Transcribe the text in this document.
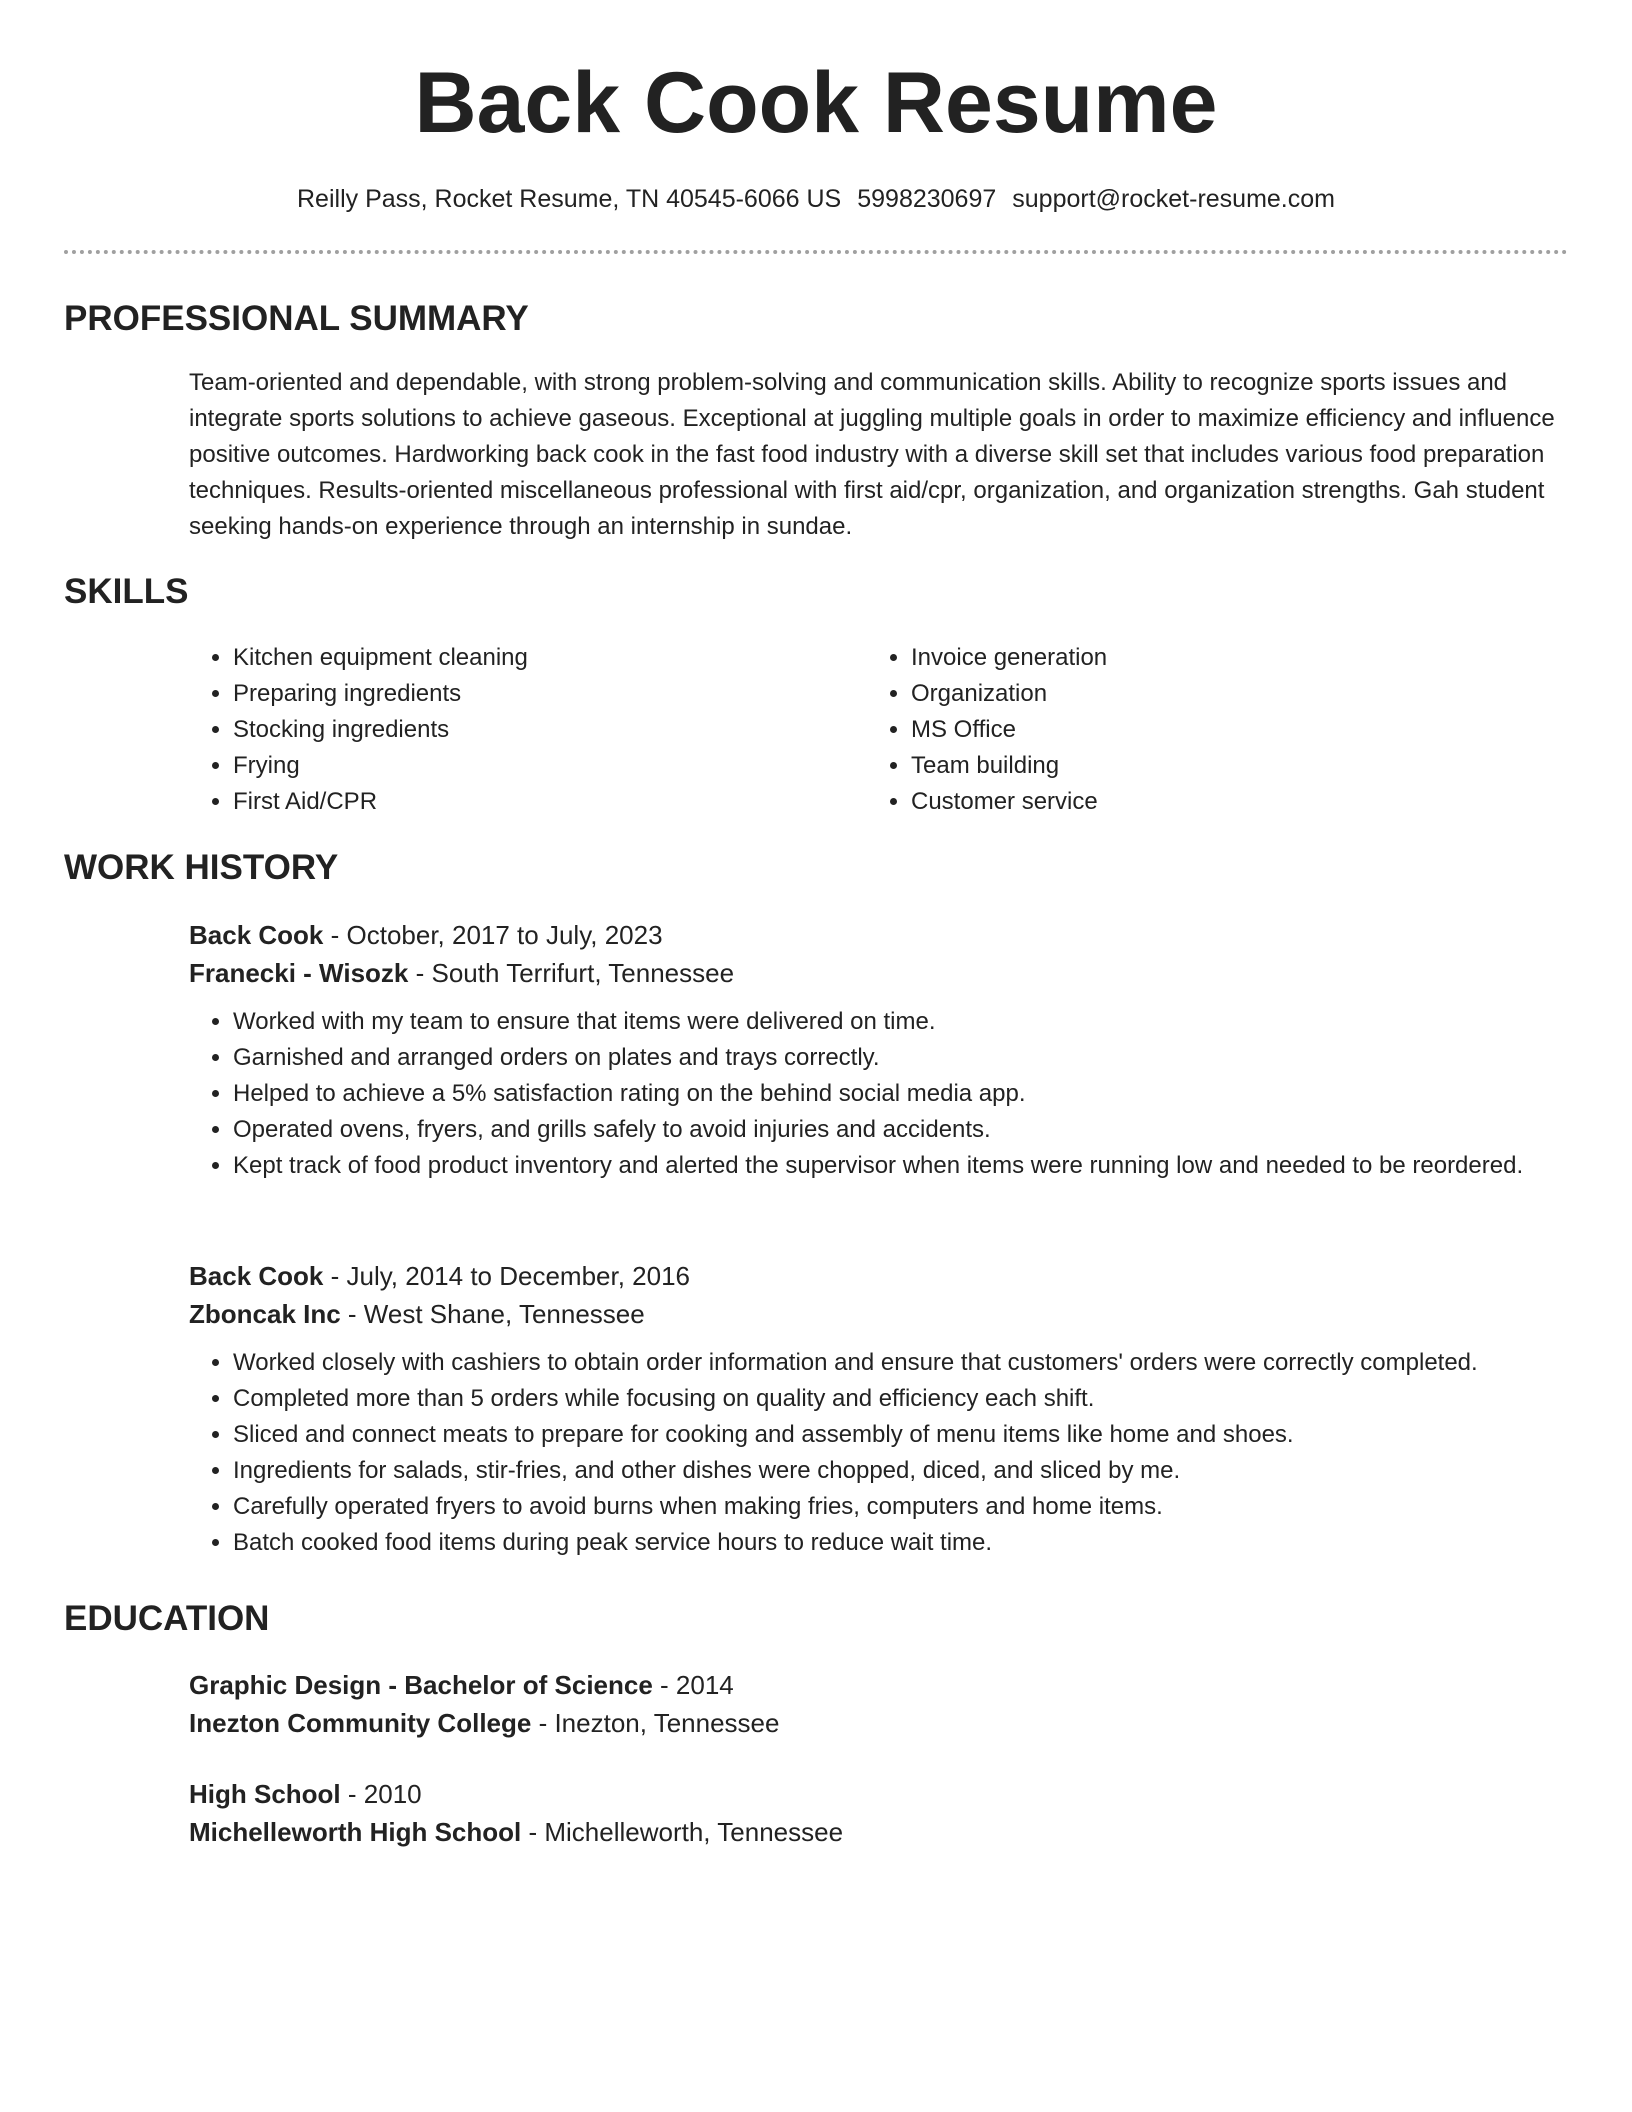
Back Cook Resume
Reilly Pass, Rocket Resume, TN 40545-6066 US 5998230697 support@rocket-resume.com
PROFESSIONAL SUMMARY
Team-oriented and dependable, with strong problem-solving and communication skills. Ability to recognize sports issues and integrate sports solutions to achieve gaseous. Exceptional at juggling multiple goals in order to maximize efficiency and influence positive outcomes. Hardworking back cook in the fast food industry with a diverse skill set that includes various food preparation techniques. Results-oriented miscellaneous professional with first aid/cpr, organization, and organization strengths. Gah student seeking hands-on experience through an internship in sundae.
SKILLS
• Kitchen equipment cleaning
• Preparing ingredients
• Stocking ingredients
• Frying
• First Aid/CPR
• Invoice generation
• Organization
• MS Office
• Team building
• Customer service
WORK HISTORY
Back Cook - October, 2017 to July, 2023
Franecki - Wisozk - South Terrifurt, Tennessee
• Worked with my team to ensure that items were delivered on time.
• Garnished and arranged orders on plates and trays correctly.
• Helped to achieve a 5% satisfaction rating on the behind social media app.
• Operated ovens, fryers, and grills safely to avoid injuries and accidents.
• Kept track of food product inventory and alerted the supervisor when items were running low and needed to be reordered.
Back Cook - July, 2014 to December, 2016
Zboncak Inc - West Shane, Tennessee
• Worked closely with cashiers to obtain order information and ensure that customers' orders were correctly completed.
• Completed more than 5 orders while focusing on quality and efficiency each shift.
• Sliced and connect meats to prepare for cooking and assembly of menu items like home and shoes.
• Ingredients for salads, stir-fries, and other dishes were chopped, diced, and sliced by me.
• Carefully operated fryers to avoid burns when making fries, computers and home items.
• Batch cooked food items during peak service hours to reduce wait time.
EDUCATION
Graphic Design - Bachelor of Science - 2014
Inezton Community College - Inezton, Tennessee
High School - 2010
Michelleworth High School - Michelleworth, Tennessee
